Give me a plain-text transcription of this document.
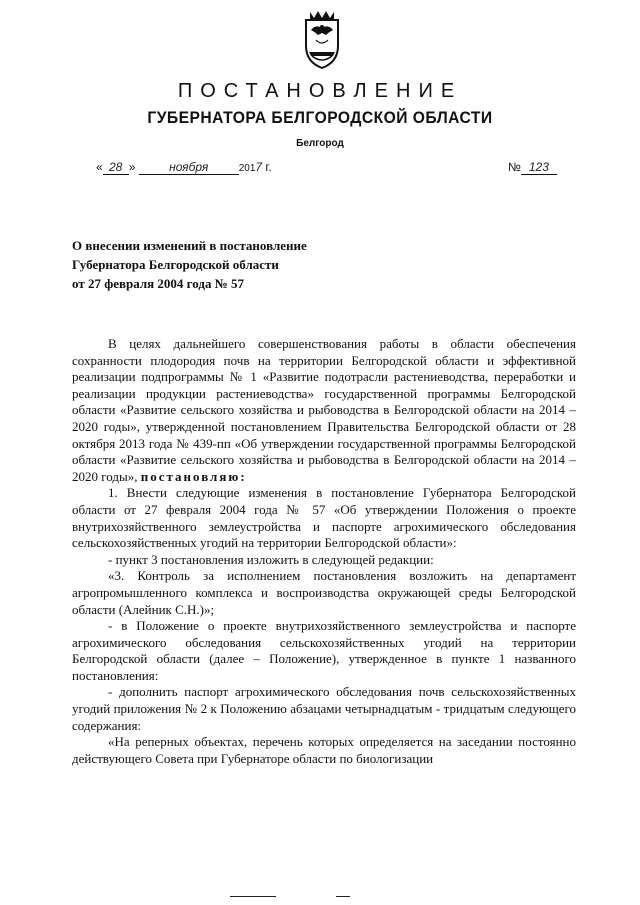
ПОСТАНОВЛЕНИЕ
ГУБЕРНАТОРА БЕЛГОРОДСКОЙ ОБЛАСТИ
Белгород
« 28 »	ноября	2017 г.	№ 123
О внесении изменений в постановление
Губернатора Белгородской области
от 27 февраля 2004 года № 57

В целях дальнейшего совершенствования работы в области обеспечения сохранности плодородия почв на территории Белгородской области и эффективной реализации подпрограммы № 1 «Развитие подотрасли растениеводства, переработки и реализации продукции растениеводства» государственной программы Белгородской области «Развитие сельского хозяйства и рыбоводства в Белгородской области на 2014 – 2020 годы», утвержденной постановлением Правительства Белгородской области от 28 октября 2013 года № 439-пп «Об утверждении государственной программы Белгородской области «Развитие сельского хозяйства и рыбоводства в Белгородской области на 2014 – 2020 годы», постановляю:

1. Внести следующие изменения в постановление Губернатора Белгородской области от 27 февраля 2004 года № 57 «Об утверждении Положения о проекте внутрихозяйственного землеустройства и паспорте агрохимического обследования сельскохозяйственных угодий на территории Белгородской области»:

- пункт 3 постановления изложить в следующей редакции:

«3. Контроль за исполнением постановления возложить на департамент агропромышленного комплекса и воспроизводства окружающей среды Белгородской области (Алейник С.Н.)»;

- в Положение о проекте внутрихозяйственного землеустройства и паспорте агрохимического обследования сельскохозяйственных угодий на территории Белгородской области (далее – Положение), утвержденное в пункте 1 названного постановления:

- дополнить паспорт агрохимического обследования почв сельскохозяйственных угодий приложения № 2 к Положению абзацами четырнадцатым - тридцатым следующего содержания:

«На реперных объектах, перечень которых определяется на заседании постоянно действующего Совета при Губернаторе области по биологизации
